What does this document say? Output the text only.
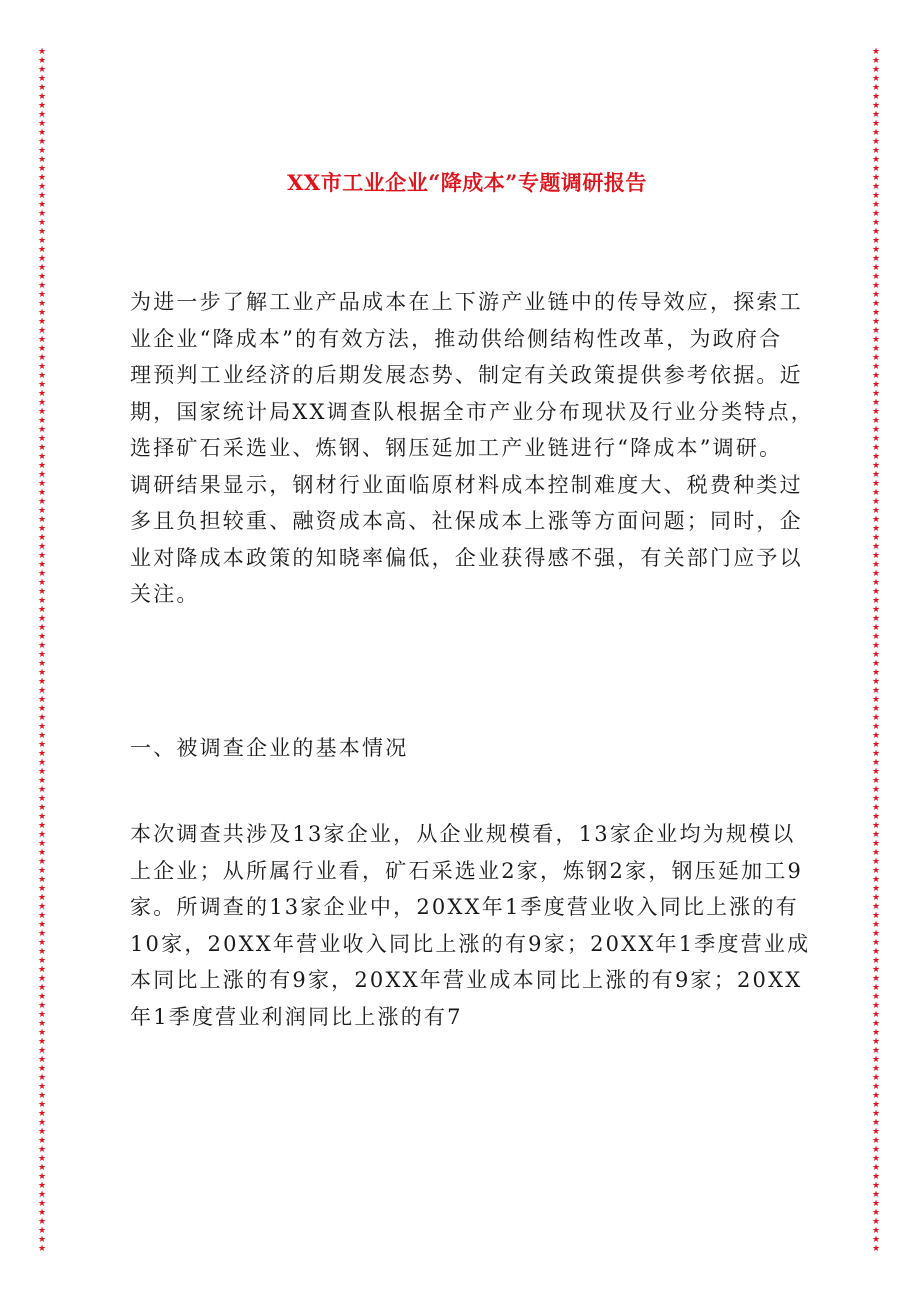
★
★
★
★
★
★
★
★
★
★
★
★
★
★
★
★
★
★
★
★
★
★
★
★
★
★
★
★
★
★
★
★
★
★
★
★
★
★
★
★
★
★
★
★
★
★
★
★
★
★
★
★
★
★
★
★
★
★
★
★
★
★
★
★
★
★
★
★
★
★
★
★
★
★
★
★
★
★
★
★
★
★
★
★
★
★
★
★
★
★
★
★
★
★
★
★
★
★
★
★
★
★
★
★
★
★
★
★
★
★
★
★
★
★
★
★
★
★
★
★
★
★
★
★
★
★
★
★
★
★
★
★
★
★
★
★
★
★
★
★
★
★
★
★
★
★
★
★
★
★
★
★
★
★
★
★
★
★
★
★
★
★
★
★
★
★
★
★
★
★
★
★
★
★
★
★
★
★
★
★
★
★
★
★
★
★
★
★
★
★
★
★
★
★
★
★
★
★
★
★
★
★
★
★
★
★
★
★
★
★
★
★
★
★
★
★
★
★
★
★
★
★
★
★
★
★
★
★
★
★
★
★
★
★
★
★
★
★
★
★
★
★
★
★
★
★
★
★
★
★
★
★
★
★
★
★
★
★
★
★
★
★
★
★
★
★
★
★
XX市工业企业“降成本”专题调研报告
为进一步了解工业产品成本在上下游产业链中的传导效应，探索工
业企业“降成本”的有效方法，推动供给侧结构性改革，为政府合
理预判工业经济的后期发展态势、制定有关政策提供参考依据。近
期，国家统计局XX调查队根据全市产业分布现状及行业分类特点，
选择矿石采选业、炼钢、钢压延加工产业链进行“降成本”调研。
调研结果显示，钢材行业面临原材料成本控制难度大、税费种类过
多且负担较重、融资成本高、社保成本上涨等方面问题；同时，企
业对降成本政策的知晓率偏低，企业获得感不强，有关部门应予以
关注。
一、被调查企业的基本情况
本次调查共涉及13家企业，从企业规模看，13家企业均为规模以
上企业；从所属行业看，矿石采选业2家，炼钢2家，钢压延加工9
家。所调查的13家企业中，20XX年1季度营业收入同比上涨的有
10家，20XX年营业收入同比上涨的有9家；20XX年1季度营业成
本同比上涨的有9家，20XX年营业成本同比上涨的有9家；20XX
年1季度营业利润同比上涨的有7
